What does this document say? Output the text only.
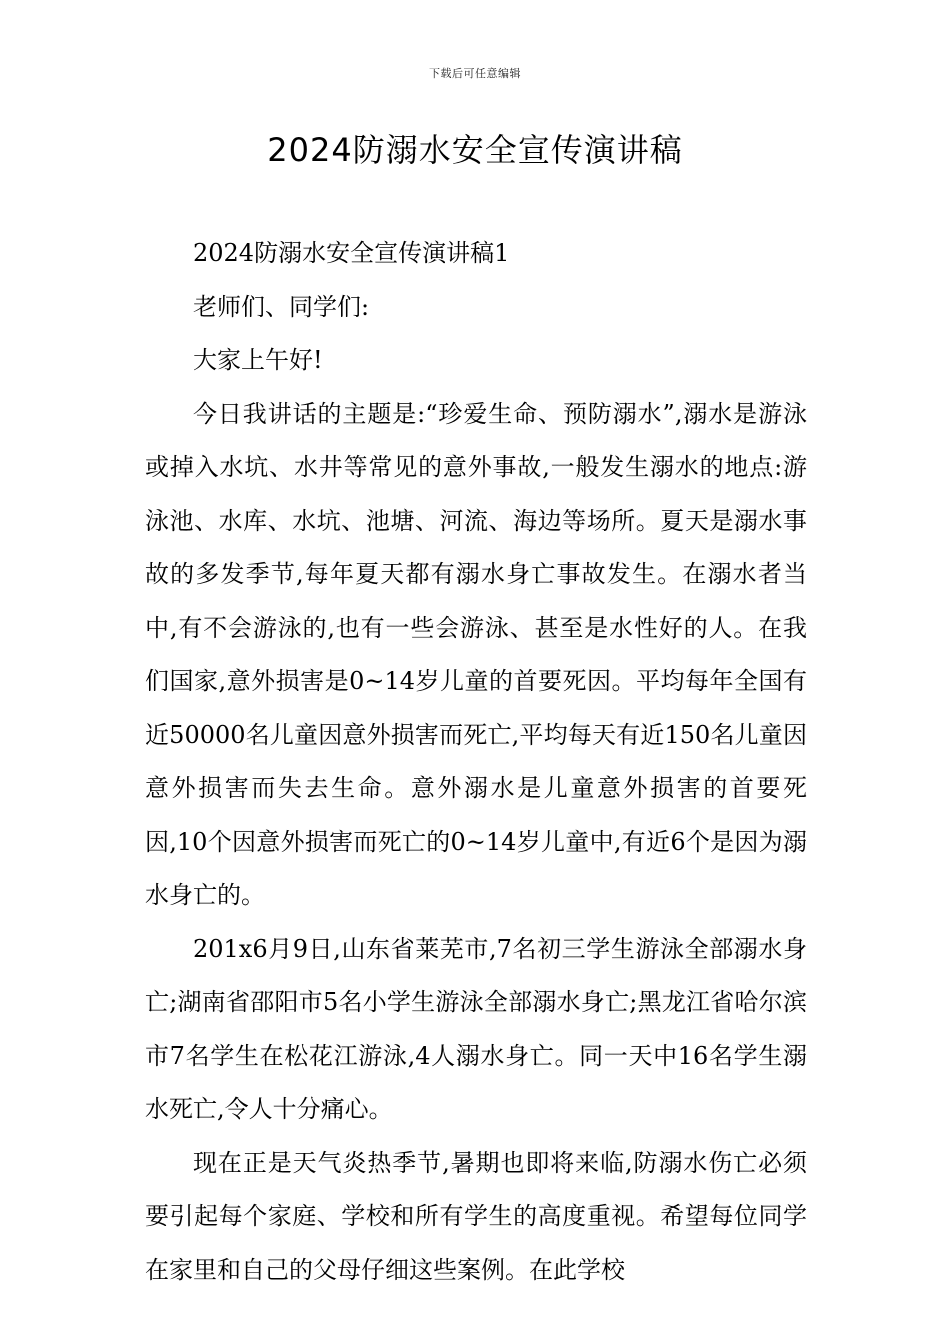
下载后可任意编辑
2024防溺水安全宣传演讲稿

2024防溺水安全宣传演讲稿1

老师们、同学们:

大家上午好!

今日我讲话的主题是:“珍爱生命、预防溺水”,溺水是游泳或掉入水坑、水井等常见的意外事故,一般发生溺水的地点:游泳池、水库、水坑、池塘、河流、海边等场所。夏天是溺水事故的多发季节,每年夏天都有溺水身亡事故发生。在溺水者当中,有不会游泳的,也有一些会游泳、甚至是水性好的人。在我们国家,意外损害是0~14岁儿童的首要死因。平均每年全国有近50000名儿童因意外损害而死亡,平均每天有近150名儿童因意外损害而失去生命。意外溺水是儿童意外损害的首要死因,10个因意外损害而死亡的0~14岁儿童中,有近6个是因为溺水身亡的。

201x6月9日,山东省莱芜市,7名初三学生游泳全部溺水身亡;湖南省邵阳市5名小学生游泳全部溺水身亡;黑龙江省哈尔滨市7名学生在松花江游泳,4人溺水身亡。同一天中16名学生溺水死亡,令人十分痛心。

现在正是天气炎热季节,暑期也即将来临,防溺水伤亡必须要引起每个家庭、学校和所有学生的高度重视。希望每位同学在家里和自己的父母仔细这些案例。在此学校
